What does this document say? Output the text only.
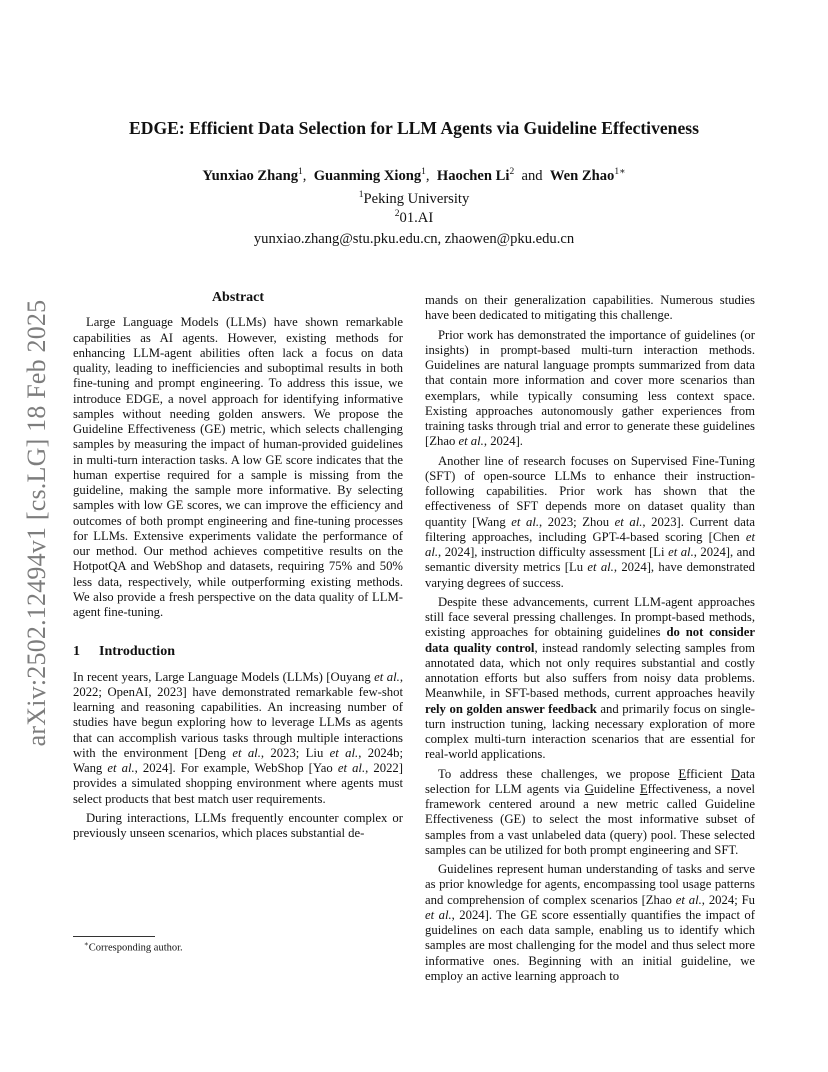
arXiv:2502.12494v1 [cs.LG] 18 Feb 2025
EDGE: Efficient Data Selection for LLM Agents via Guideline Effectiveness
Yunxiao Zhang$^1$, Guanming Xiong$^1$, Haochen Li$^2$ and Wen Zhao$^{1∗}$
$^1$Peking University
$^2$01.AI
yunxiao.zhang@stu.pku.edu.cn, zhaowen@pku.edu.cn
Abstract

Large Language Models (LLMs) have shown remarkable capabilities as AI agents. However, existing methods for enhancing LLM-agent abilities often lack a focus on data quality, leading to inefficiencies and suboptimal results in both fine-tuning and prompt engineering. To address this issue, we introduce EDGE, a novel approach for identifying informative samples without needing golden answers. We propose the Guideline Effectiveness (GE) metric, which selects challenging samples by measuring the impact of human-provided guidelines in multi-turn interaction tasks. A low GE score indicates that the human expertise required for a sample is missing from the guideline, making the sample more informative. By selecting samples with low GE scores, we can improve the efficiency and outcomes of both prompt engineering and fine-tuning processes for LLMs. Extensive experiments validate the performance of our method. Our method achieves competitive results on the HotpotQA and WebShop and datasets, requiring 75% and 50% less data, respectively, while outperforming existing methods. We also provide a fresh perspective on the data quality of LLM-agent fine-tuning.

1 Introduction

In recent years, Large Language Models (LLMs) [Ouyang et al., 2022; OpenAI, 2023] have demonstrated remarkable few-shot learning and reasoning capabilities. An increasing number of studies have begun exploring how to leverage LLMs as agents that can accomplish various tasks through multiple interactions with the environment [Deng et al., 2023; Liu et al., 2024b; Wang et al., 2024]. For example, WebShop [Yao et al., 2022] provides a simulated shopping environment where agents must select products that best match user requirements.

During interactions, LLMs frequently encounter complex or previously unseen scenarios, which places substantial de-

∗Corresponding author.

mands on their generalization capabilities. Numerous studies have been dedicated to mitigating this challenge.

Prior work has demonstrated the importance of guidelines (or insights) in prompt-based multi-turn interaction methods. Guidelines are natural language prompts summarized from data that contain more information and cover more scenarios than exemplars, while typically consuming less context space. Existing approaches autonomously gather experiences from training tasks through trial and error to generate these guidelines [Zhao et al., 2024].

Another line of research focuses on Supervised Fine-Tuning (SFT) of open-source LLMs to enhance their instruction-following capabilities. Prior work has shown that the effectiveness of SFT depends more on dataset quality than quantity [Wang et al., 2023; Zhou et al., 2023]. Current data filtering approaches, including GPT-4-based scoring [Chen et al., 2024], instruction difficulty assessment [Li et al., 2024], and semantic diversity metrics [Lu et al., 2024], have demonstrated varying degrees of success.

Despite these advancements, current LLM-agent approaches still face several pressing challenges. In prompt-based methods, existing approaches for obtaining guidelines do not consider data quality control, instead randomly selecting samples from annotated data, which not only requires substantial and costly annotation efforts but also suffers from noisy data problems. Meanwhile, in SFT-based methods, current approaches heavily rely on golden answer feedback and primarily focus on single-turn instruction tuning, lacking necessary exploration of more complex multi-turn interaction scenarios that are essential for real-world applications.

To address these challenges, we propose Efficient Data selection for LLM agents via Guideline Effectiveness, a novel framework centered around a new metric called Guideline Effectiveness (GE) to select the most informative subset of samples from a vast unlabeled data (query) pool. These selected samples can be utilized for both prompt engineering and SFT.

Guidelines represent human understanding of tasks and serve as prior knowledge for agents, encompassing tool usage patterns and comprehension of complex scenarios [Zhao et al., 2024; Fu et al., 2024]. The GE score essentially quantifies the impact of guidelines on each data sample, enabling us to identify which samples are most challenging for the model and thus select more informative ones. Beginning with an initial guideline, we employ an active learning approach to
